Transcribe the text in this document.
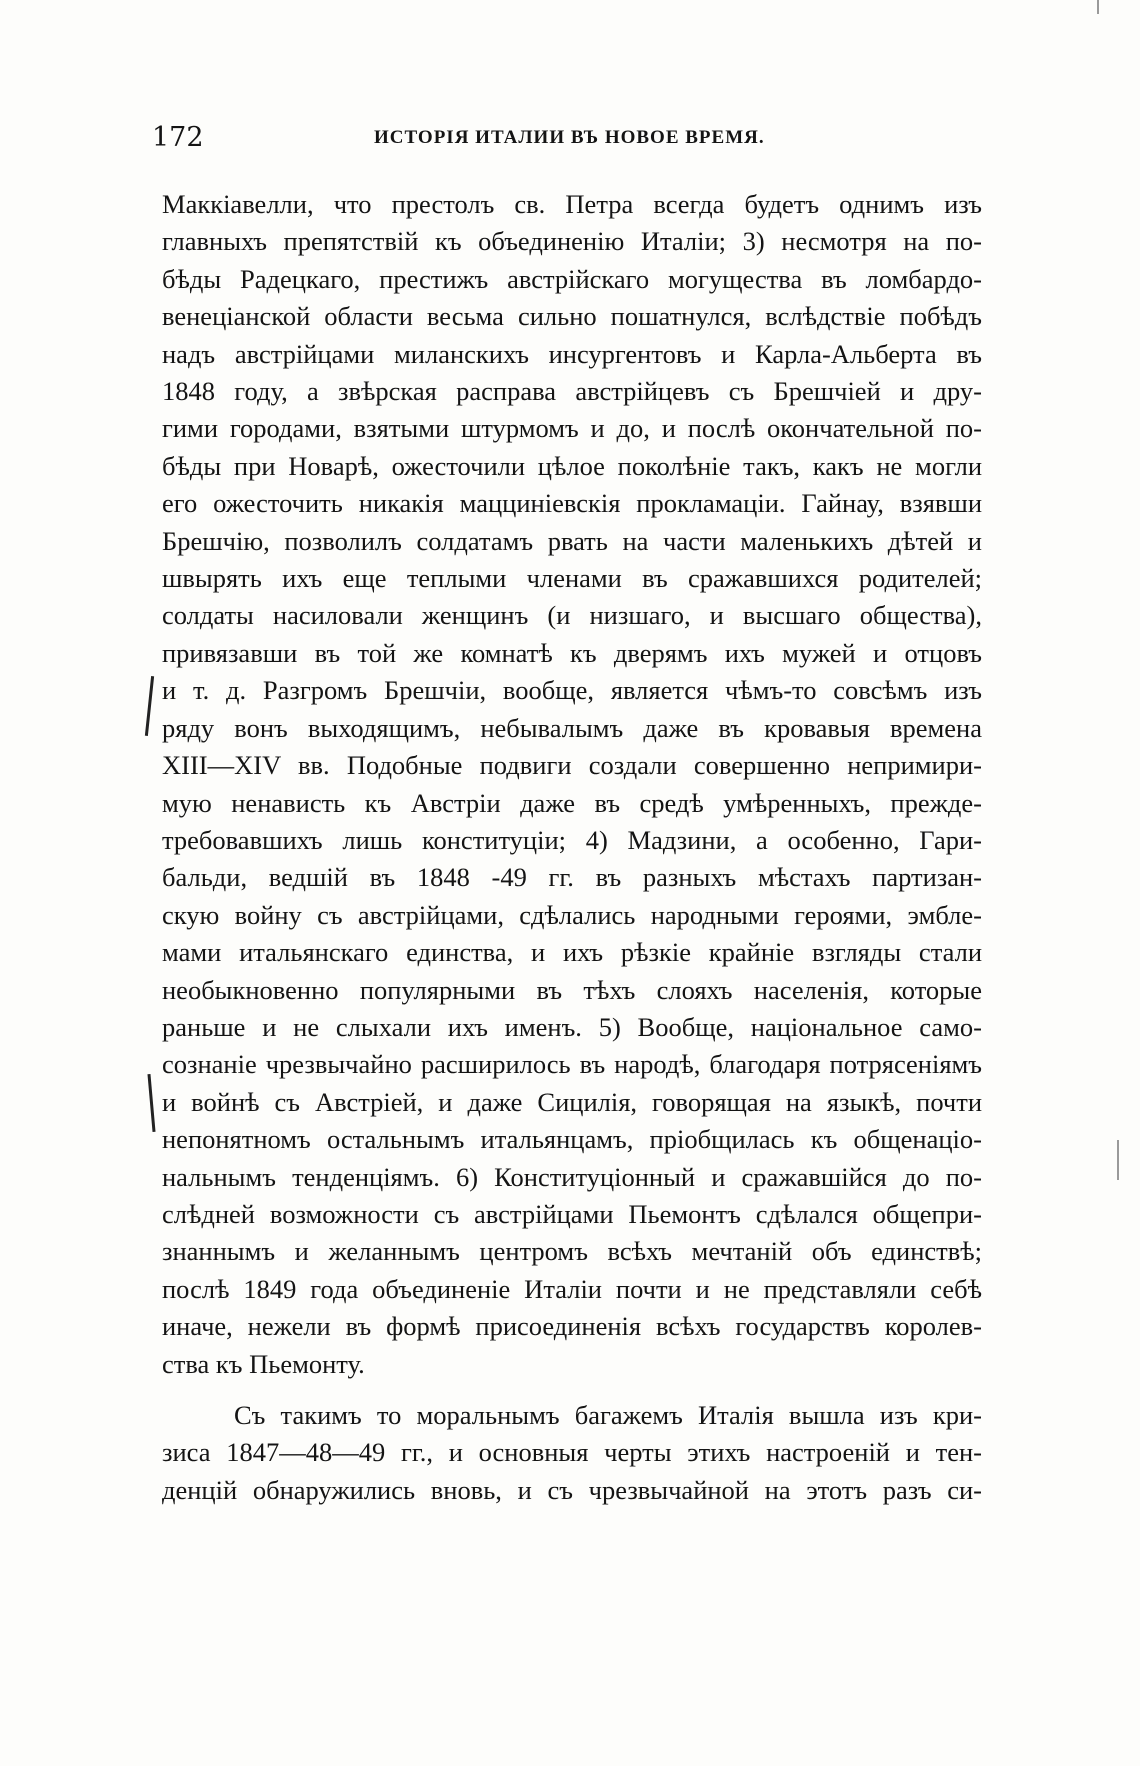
172	ИСТОРІЯ ИТАЛИИ ВЪ НОВОЕ ВРЕМЯ.
Маккіавелли, что престолъ св. Петра всегда будетъ однимъ изъ
главныхъ препятствій къ объединенію Италіи; 3) несмотря на по-
бѣды Радецкаго, престижъ австрійскаго могущества въ ломбардо-
венеціанской области весьма сильно пошатнулся, вслѣдствіе побѣдъ
надъ австрійцами миланскихъ инсургентовъ и Карла-Альберта въ
1848 году, а звѣрская расправа австрійцевъ съ Брешчіей и дру-
гими городами, взятыми штурмомъ и до, и послѣ окончательной по-
бѣды при Новарѣ, ожесточили цѣлое поколѣніе такъ, какъ не могли
его ожесточить никакія мацциніевскія прокламаціи. Гайнау, взявши
Брешчію, позволилъ солдатамъ рвать на части маленькихъ дѣтей и
швырять ихъ еще теплыми членами въ сражавшихся родителей;
солдаты насиловали женщинъ (и низшаго, и высшаго общества),
привязавши въ той же комнатѣ къ дверямъ ихъ мужей и отцовъ
и т. д. Разгромъ Брешчіи, вообще, является чѣмъ-то совсѣмъ изъ
ряду вонъ выходящимъ, небывалымъ даже въ кровавыя времена
XIII—XIV вв. Подобные подвиги создали совершенно непримири-
мую ненависть къ Австріи даже въ средѣ умѣренныхъ, прежде-
требовавшихъ лишь конституціи; 4) Мадзини, а особенно, Гари-
бальди, ведшій въ 1848 -49 гг. въ разныхъ мѣстахъ партизан-
скую войну съ австрійцами, сдѣлались народными героями, эмбле-
мами итальянскаго единства, и ихъ рѣзкіе крайніе взгляды стали
необыкновенно популярными въ тѣхъ слояхъ населенія, которые
раньше и не слыхали ихъ именъ. 5) Вообще, національное само-
сознаніе чрезвычайно расширилось въ народѣ, благодаря потрясеніямъ
и войнѣ съ Австріей, и даже Сицилія, говорящая на языкѣ, почти
непонятномъ остальнымъ итальянцамъ, пріобщилась къ общенаціо-
нальнымъ тенденціямъ. 6) Конституціонный и сражавшійся до по-
слѣдней возможности съ австрійцами Пьемонтъ сдѣлался общепри-
знаннымъ и желаннымъ центромъ всѣхъ мечтаній объ единствѣ;
послѣ 1849 года объединеніе Италіи почти и не представляли себѣ
иначе, нежели въ формѣ присоединенія всѣхъ государствъ королев-
ства къ Пьемонту.
Съ такимъ то моральнымъ багажемъ Италія вышла изъ кри-
зиса 1847—48—49 гг., и основныя черты этихъ настроеній и тен-
денцій обнаружились вновь, и съ чрезвычайной на этотъ разъ си-
